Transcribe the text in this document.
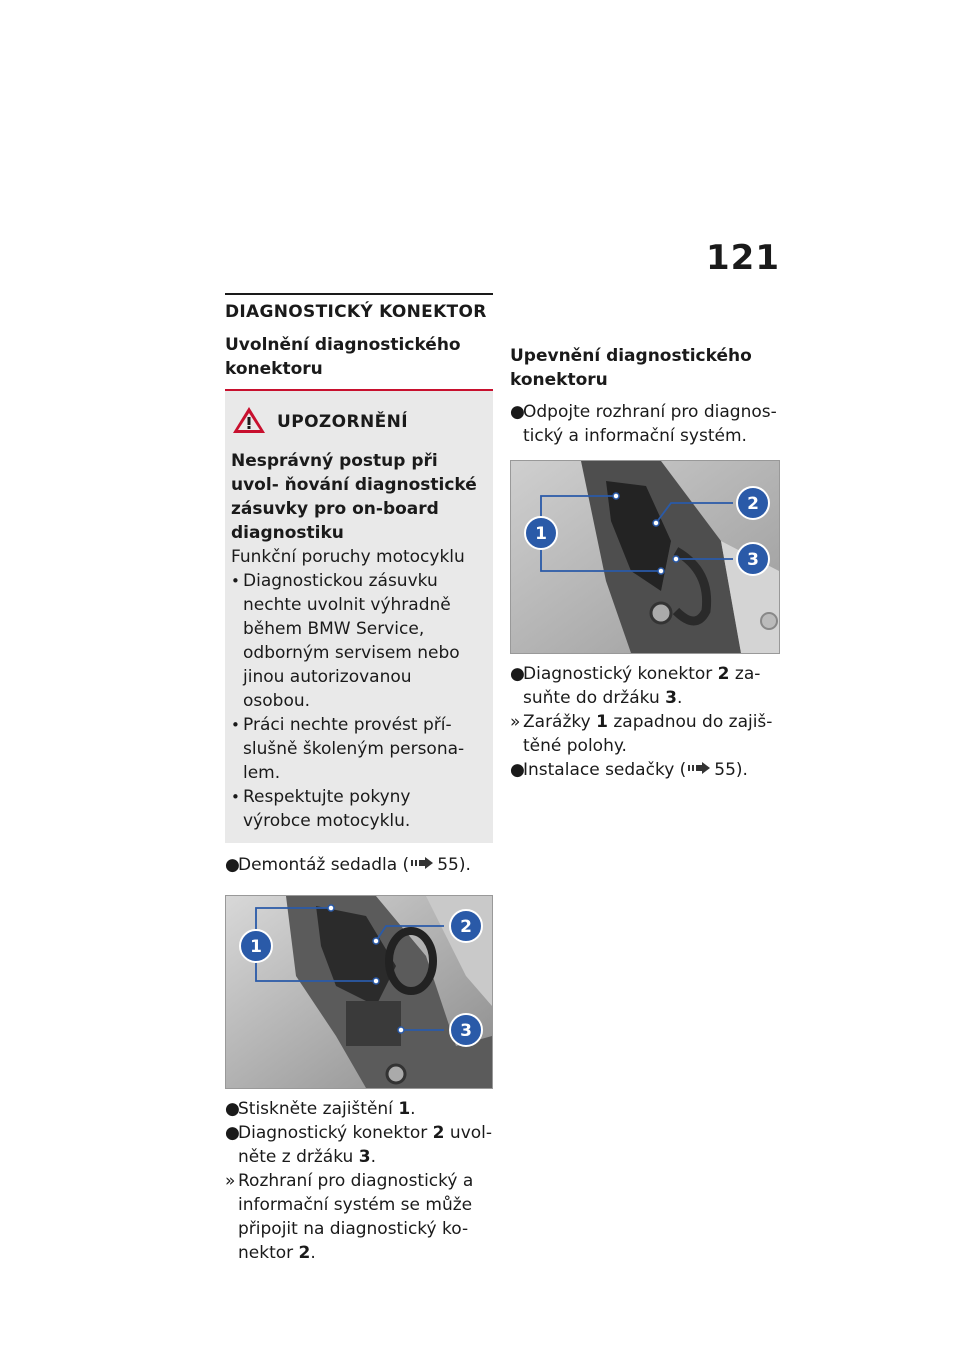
121
DIAGNOSTICKÝ KONEKTOR
Uvolnění diagnostického konektoru
UPOZORNĚNÍ
Nesprávný postup při uvol- ňování diagnostické zásuvky pro on-board diagnostiku
Funkční poruchy motocyklu
• Diagnostickou zásuvku nechte uvolnit výhradně během BMW Service, odborným servisem nebo jinou autorizovanou osobou.
• Práci nechte provést pří- slušně školeným persona- lem.
• Respektujte pokyny výrobce motocyklu.
●
Demontáž sedadla ( 55).
1
2
3
●
Stiskněte zajištění 1.
●
Diagnostický konektor 2 uvol- něte z držáku 3.
» Rozhraní pro diagnostický a informační systém se může připojit na diagnostický ko- nektor 2.
Upevnění diagnostického konektoru
●
Odpojte rozhraní pro diagnos- tický a informační systém.
1
2
3
●
Diagnostický konektor 2 za- suňte do držáku 3.
» Zarážky 1 zapadnou do zajiš- těné polohy.
●
Instalace sedačky ( 55).
